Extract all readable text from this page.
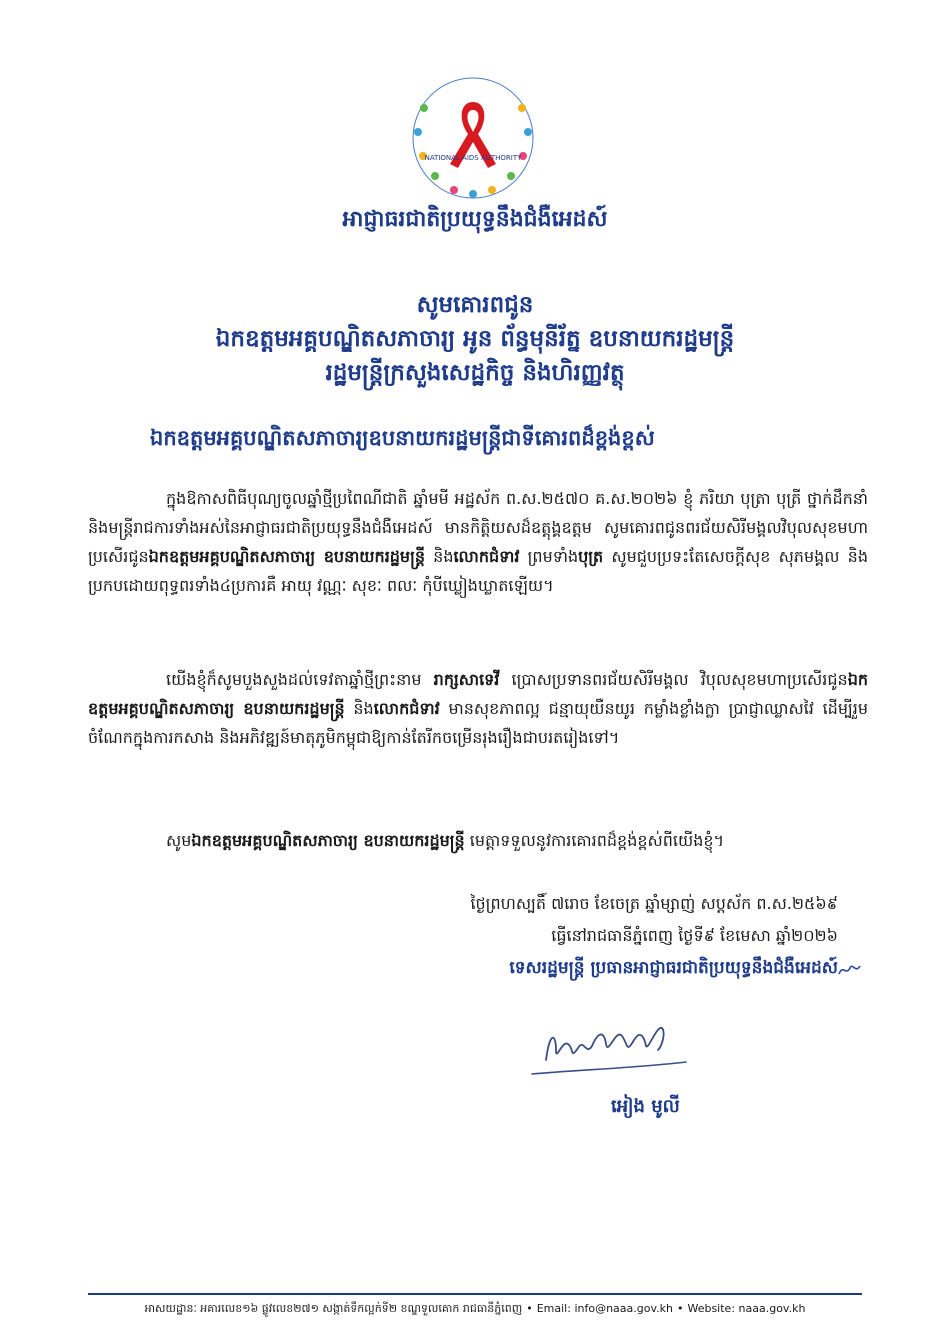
NATIONAL AIDS AUTHORITY
អាជ្ញាធរជាតិប្រយុទ្ធនឹងជំងឺអេដស៍
សូមគោរពជូន
ឯកឧត្តមអគ្គបណ្ឌិតសភាចារ្យ អូន ព័ន្ធមុនីរ័ត្ន ឧបនាយករដ្ឋមន្ត្រី
រដ្ឋមន្ត្រីក្រសួងសេដ្ឋកិច្ច និងហិរញ្ញវត្ថុ
ឯកឧត្តមអគ្គបណ្ឌិតសភាចារ្យឧបនាយករដ្ឋមន្ត្រីជាទីគោរពដ៏ខ្ពង់ខ្ពស់
ក្នុងឱកាសពិធីបុណ្យចូលឆ្នាំថ្មីប្រពៃណីជាតិ ឆ្នាំមមី អដ្ឋស័ក ព.ស.២៥៧០ គ.ស.២០២៦ ខ្ញុំ ភរិយា បុត្រា បុត្រី ថ្នាក់ដឹកនាំ និងមន្ត្រីរាជការទាំងអស់នៃអាជ្ញាធរជាតិប្រយុទ្ធនឹងជំងឺអេដស៍ មានកិត្តិយសដ៏ឧត្តុង្គឧត្តម សូមគោរពជូនពរជ័យសិរីមង្គលវិបុលសុខមហាប្រសើរជូនឯកឧត្តមអគ្គបណ្ឌិតសភាចារ្យ ឧបនាយករដ្ឋមន្ត្រី និងលោកជំទាវ ព្រមទាំងបុត្រ សូមជួបប្រទះតែសេចក្តីសុខ សុភមង្គល និងប្រកបដោយពុទ្ធពរទាំង៤ប្រការគឺ អាយុ វណ្ណៈ សុខៈ ពលៈ កុំបីឃ្លៀងឃ្លាតឡើយ។
យើងខ្ញុំក៏សូមបួងសួងដល់ទេវតាឆ្នាំថ្មីព្រះនាម រាក្សសាទេវី ប្រោសប្រទានពរជ័យសិរីមង្គល វិបុលសុខមហាប្រសើរជូនឯកឧត្តមអគ្គបណ្ឌិតសភាចារ្យ ឧបនាយករដ្ឋមន្ត្រី និងលោកជំទាវ មានសុខភាពល្អ ជន្មាយុយឺនយូរ កម្លាំងខ្លាំងក្លា ប្រាជ្ញាឈ្លាសវៃ ដើម្បីរួមចំណែកក្នុងការកសាង និងអភិវឌ្ឍន៍មាតុភូមិកម្ពុជាឱ្យកាន់តែរីកចម្រើនរុងរឿងជាបរតរៀងទៅ។
សូមឯកឧត្តមអគ្គបណ្ឌិតសភាចារ្យ ឧបនាយករដ្ឋមន្ត្រី មេត្តាទទួលនូវការគោរពដ៏ខ្ពង់ខ្ពស់ពីយើងខ្ញុំ។
ថ្ងៃព្រហស្បតិ៍ ៧រោច ខែចេត្រ ឆ្នាំម្សាញ់ សប្តស័ក ព.ស.២៥៦៩
ធ្វើនៅរាជធានីភ្នំពេញ ថ្ងៃទី៩ ខែមេសា ឆ្នាំ២០២៦
ទេសរដ្ឋមន្ត្រី ប្រធានអាជ្ញាធរជាតិប្រយុទ្ធនឹងជំងឺអេដស៍
អៀង មូលី
អាសយដ្ឋានៈ អគារលេខ១៦ ផ្លូវលេខ២៧១ សង្កាត់ទឹកល្អក់ទី២ ខណ្ឌទួលគោក រាជធានីភ្នំពេញ • Email: info@naaa.gov.kh • Website: naaa.gov.kh
